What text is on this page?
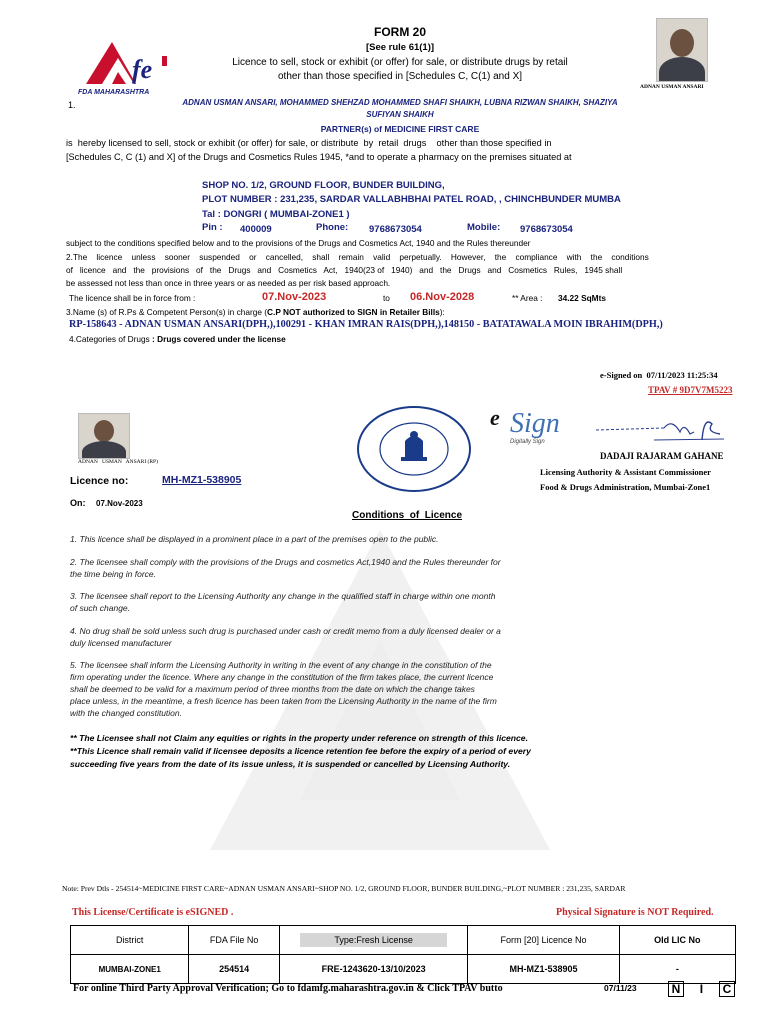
fe
FDA MAHARASHTRA
FORM 20
[See rule 61(1)]
Licence to sell, stock or exhibit (or offer) for sale, or distribute drugs by retail
other than those specified in [Schedules C, C(1) and X]
ADNAN USMAN ANSARI
1.	ADNAN USMAN ANSARI, MOHAMMED SHEHZAD MOHAMMED SHAFI SHAIKH, LUBNA RIZWAN SHAIKH, SHAZIYA
SUFIYAN SHAIKH
PARTNER(s) of MEDICINE FIRST CARE
is  hereby licensed to sell, stock or exhibit (or offer) for sale, or distribute  by  retail  drugs    other than those specified in
[Schedules C, C (1) and X] of the Drugs and Cosmetics Rules 1945, *and to operate a pharmacy on the premises situated at
SHOP NO. 1/2, GROUND FLOOR, BUNDER BUILDING,
PLOT NUMBER : 231,235, SARDAR VALLABHBHAI PATEL ROAD, , CHINCHBUNDER MUMBA
Tal : DONGRI ( MUMBAI-ZONE1 )
Pin : 400009	Phone: 9768673054	Mobile: 9768673054
subject to the conditions specified below and to the provisions of the Drugs and Cosmetics Act, 1940 and the Rules thereunder
2.The    licence    unless    sooner    suspended    or    cancelled,    shall    remain    valid    perpetually.    However,    the    compliance    with    the    conditions
of   licence   and   the   provisions   of   the   Drugs   and   Cosmetics   Act,   1940(23 of   1940)   and   the   Drugs   and   Cosmetics   Rules,   1945 shall
be assessed not less than once in three years or as needed as per risk based approach.
The licence shall be in force from :	07.Nov-2023	to 06.Nov-2028	** Area : 34.22 SqMts
3.Name (s) of R.Ps & Competent Person(s) in charge (C.P NOT authorized to SIGN in Retailer Bills):
RP-158643 - ADNAN USMAN ANSARI(DPH,),100291 - KHAN IMRAN RAIS(DPH,),148150 - BATATAWALA MOIN IBRAHIM(DPH,)
4.Categories of Drugs : Drugs covered under the license
e-Signed on 07/11/2023 11:25:34
TPAV # 9D7V7M5223
ADNAN   USMAN   ANSARI (RP)
e Sign
Digitally Sign
DADAJI RAJARAM GAHANE
Licensing Authority & Assistant Commissioner
Food & Drugs Administration, Mumbai-Zone1
Licence no:	MH-MZ1-538905
On: 07.Nov-2023
Conditions  of  Licence
1. This licence shall be displayed in a prominent place in a part of the premises open to the public.
2. The licensee shall comply with the provisions of the Drugs and cosmetics Act,1940 and the Rules thereunder for
the time being in force.
3. The licensee shall report to the Licensing Authority any change in the qualified staff in charge within one month
of such change.
4. No drug shall be sold unless such drug is purchased under cash or credit memo from a duly licensed dealer or a
duly licensed manufacturer
5. The licensee shall inform the Licensing Authority in writing in the event of any change in the constitution of the
firm operating under the licence. Where any change in the constitution of the firm takes place, the current licence
shall be deemed to be valid for a maximum period of three months from the date on which the change takes
place unless, in the meantime, a fresh licence has been taken from the Licensing Authority in the name of the firm
with the changed constitution.
** The Licensee shall not Claim any equities or rights in the property under reference on strength of this licence.
**This Licence shall remain valid if licensee deposits a licence retention fee before the expiry of a period of every
succeeding five years from the date of its issue unless, it is suspended or cancelled by Licensing Authority.
Note: Prev Dtls - 254514~MEDICINE FIRST CARE~ADNAN USMAN ANSARI~SHOP NO. 1/2, GROUND FLOOR, BUNDER BUILDING,~PLOT NUMBER : 231,235, SARDAR
This License/Certificate is eSIGNED .	Physical Signature is NOT Required.
District	FDA File No	Type:Fresh License	Form [20] Licence No	Old LIC No
MUMBAI-ZONE1	254514	FRE-1243620-13/10/2023	MH-MZ1-538905	-
For online Third Party Approval Verification; Go to fdamfg.maharashtra.gov.in & Click TPAV butto	07/11/23	N I C
